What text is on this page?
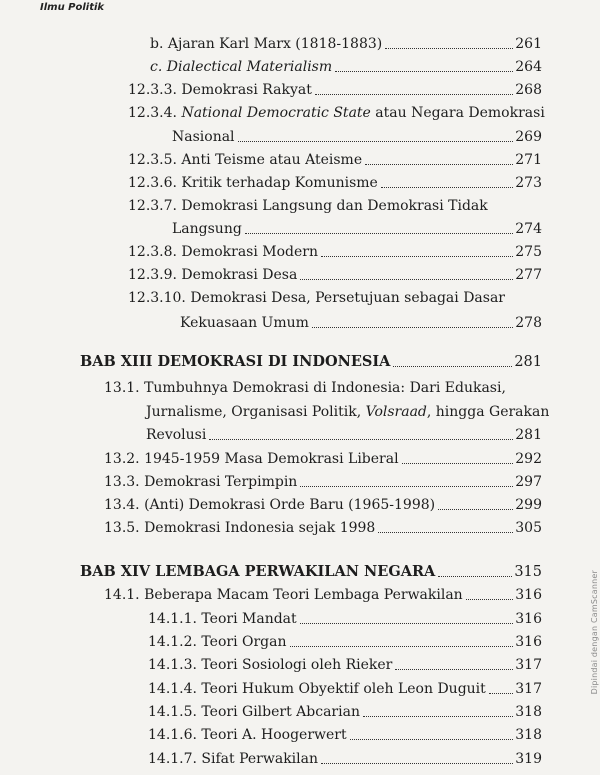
Ilmu Politik
b. Ajaran Karl Marx (1818-1883)	261
c. Dialectical Materialism	264
12.3.3. Demokrasi Rakyat	268
12.3.4. National Democratic State atau Negara Demokrasi
Nasional	269
12.3.5. Anti Teisme atau Ateisme	271
12.3.6. Kritik terhadap Komunisme	273
12.3.7. Demokrasi Langsung dan Demokrasi Tidak
Langsung	274
12.3.8. Demokrasi Modern	275
12.3.9. Demokrasi Desa	277
12.3.10. Demokrasi Desa, Persetujuan sebagai Dasar
Kekuasaan Umum	278
BAB XIII DEMOKRASI DI INDONESIA	281
13.1. Tumbuhnya Demokrasi di Indonesia: Dari Edukasi,
Jurnalisme, Organisasi Politik, Volsraad, hingga Gerakan
Revolusi	281
13.2. 1945-1959 Masa Demokrasi Liberal	292
13.3. Demokrasi Terpimpin	297
13.4. (Anti) Demokrasi Orde Baru (1965-1998)	299
13.5. Demokrasi Indonesia sejak 1998	305
BAB XIV LEMBAGA PERWAKILAN NEGARA	315
14.1. Beberapa Macam Teori Lembaga Perwakilan	316
14.1.1. Teori Mandat	316
14.1.2. Teori Organ	316
14.1.3. Teori Sosiologi oleh Rieker	317
14.1.4. Teori Hukum Obyektif oleh Leon Duguit 317
14.1.5. Teori Gilbert Abcarian	318
14.1.6. Teori A. Hoogerwert	318
14.1.7. Sifat Perwakilan	319
Dipindai dengan CamScanner
